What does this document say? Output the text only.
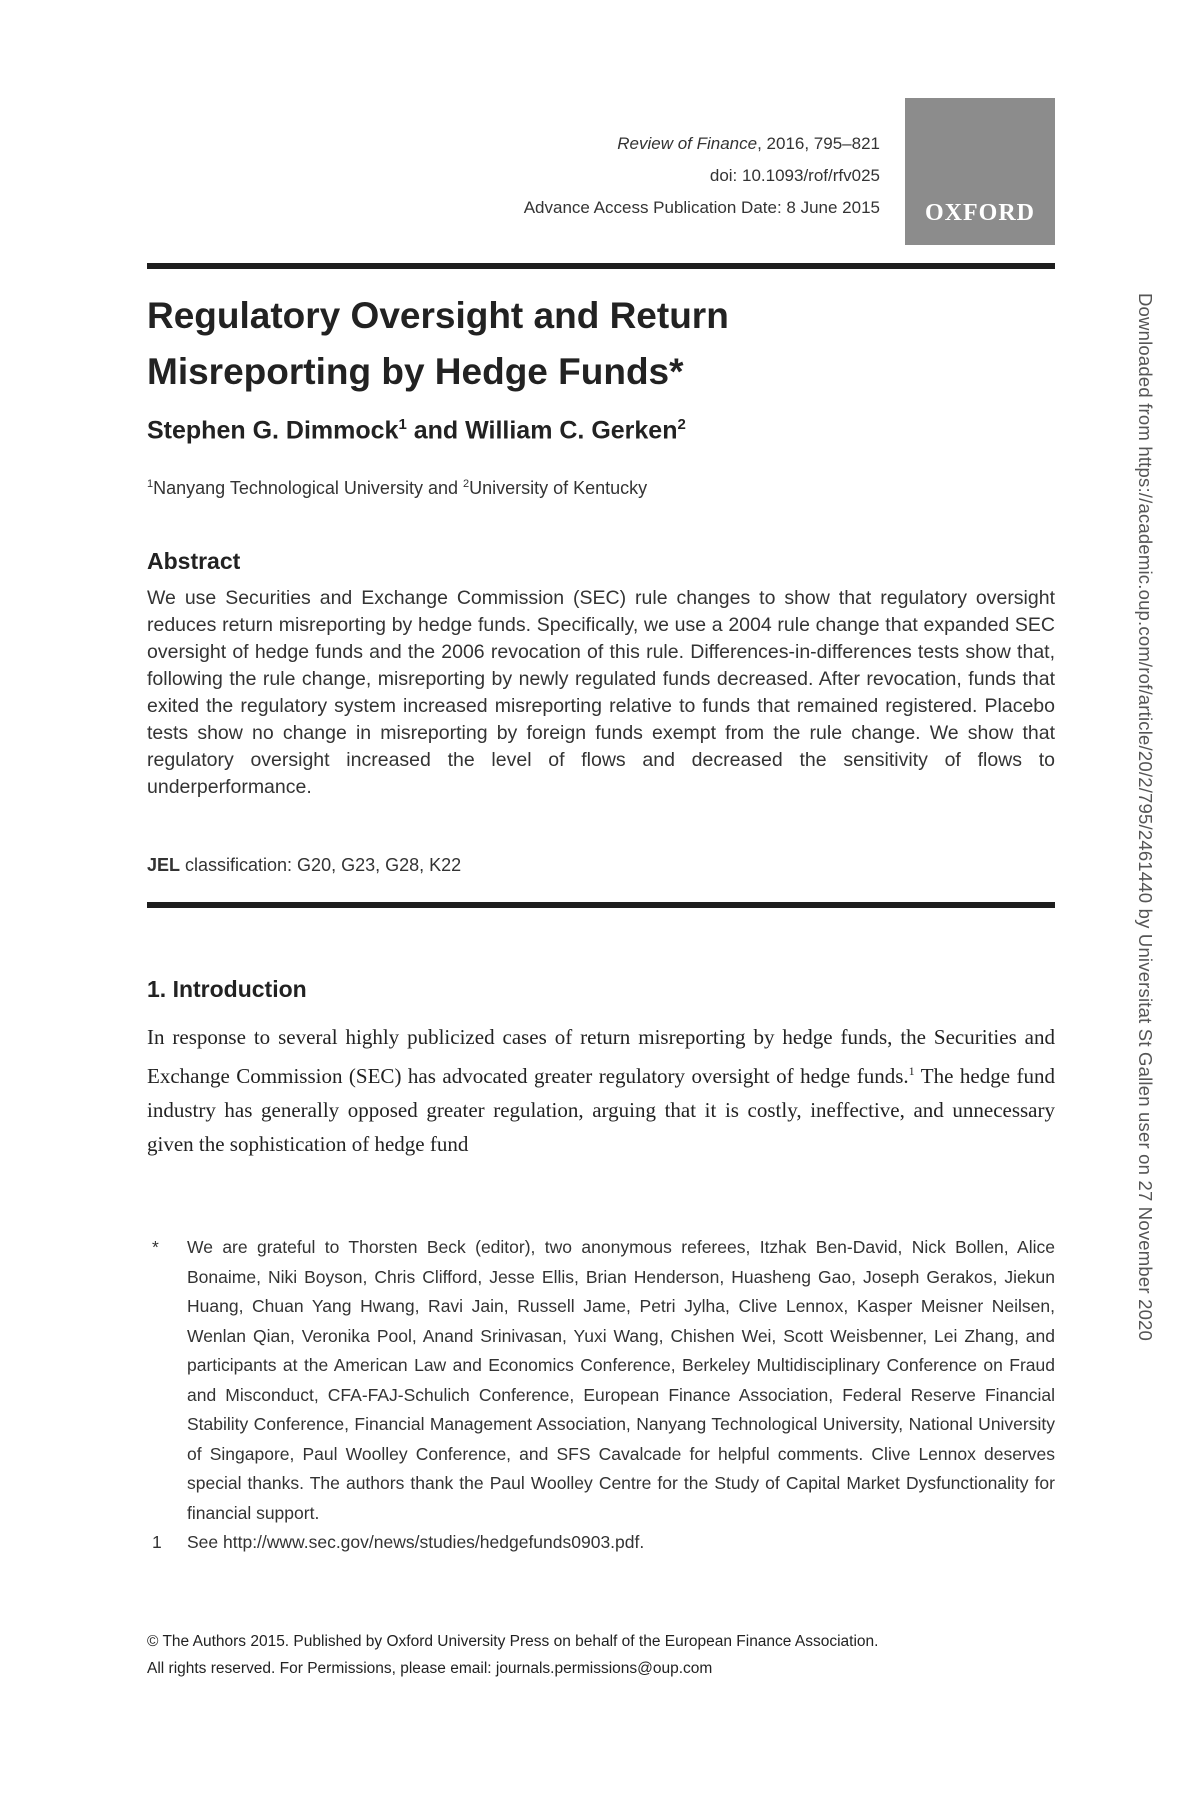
Review of Finance, 2016, 795–821
doi: 10.1093/rof/rfv025
Advance Access Publication Date: 8 June 2015 OXFORD
Regulatory Oversight and Return
Misreporting by Hedge Funds*
Stephen G. Dimmock$^1$ and William C. Gerken$^2$
$^1$Nanyang Technological University and $^2$University of Kentucky
Abstract

We use Securities and Exchange Commission (SEC) rule changes to show that regulatory oversight reduces return misreporting by hedge funds. Specifically, we use a 2004 rule change that expanded SEC oversight of hedge funds and the 2006 revocation of this rule. Differences-in-differences tests show that, following the rule change, misreporting by newly regulated funds decreased. After revocation, funds that exited the regulatory system increased misreporting relative to funds that remained registered. Placebo tests show no change in misreporting by foreign funds exempt from the rule change. We show that regulatory oversight increased the level of flows and decreased the sensitivity of flows to underperformance.

JEL classification: G20, G23, G28, K22
1. Introduction

In response to several highly publicized cases of return misreporting by hedge funds, the Securities and Exchange Commission (SEC) has advocated greater regulatory oversight of hedge funds.$^1$ The hedge fund industry has generally opposed greater regulation, arguing that it is costly, ineffective, and unnecessary given the sophistication of hedge fund

* We are grateful to Thorsten Beck (editor), two anonymous referees, Itzhak Ben-David, Nick Bollen, Alice Bonaime, Niki Boyson, Chris Clifford, Jesse Ellis, Brian Henderson, Huasheng Gao, Joseph Gerakos, Jiekun Huang, Chuan Yang Hwang, Ravi Jain, Russell Jame, Petri Jylha, Clive Lennox, Kasper Meisner Neilsen, Wenlan Qian, Veronika Pool, Anand Srinivasan, Yuxi Wang, Chishen Wei, Scott Weisbenner, Lei Zhang, and participants at the American Law and Economics Conference, Berkeley Multidisciplinary Conference on Fraud and Misconduct, CFA-FAJ-Schulich Conference, European Finance Association, Federal Reserve Financial Stability Conference, Financial Management Association, Nanyang Technological University, National University of Singapore, Paul Woolley Conference, and SFS Cavalcade for helpful comments. Clive Lennox deserves special thanks. The authors thank the Paul Woolley Centre for the Study of Capital Market Dysfunctionality for financial support.
1 See http://www.sec.gov/news/studies/hedgefunds0903.pdf.
© The Authors 2015. Published by Oxford University Press on behalf of the European Finance Association.
All rights reserved. For Permissions, please email: journals.permissions@oup.com
Downloaded from https://academic.oup.com/rof/article/20/2/795/2461440 by Universitat St Gallen user on 27 November 2020
